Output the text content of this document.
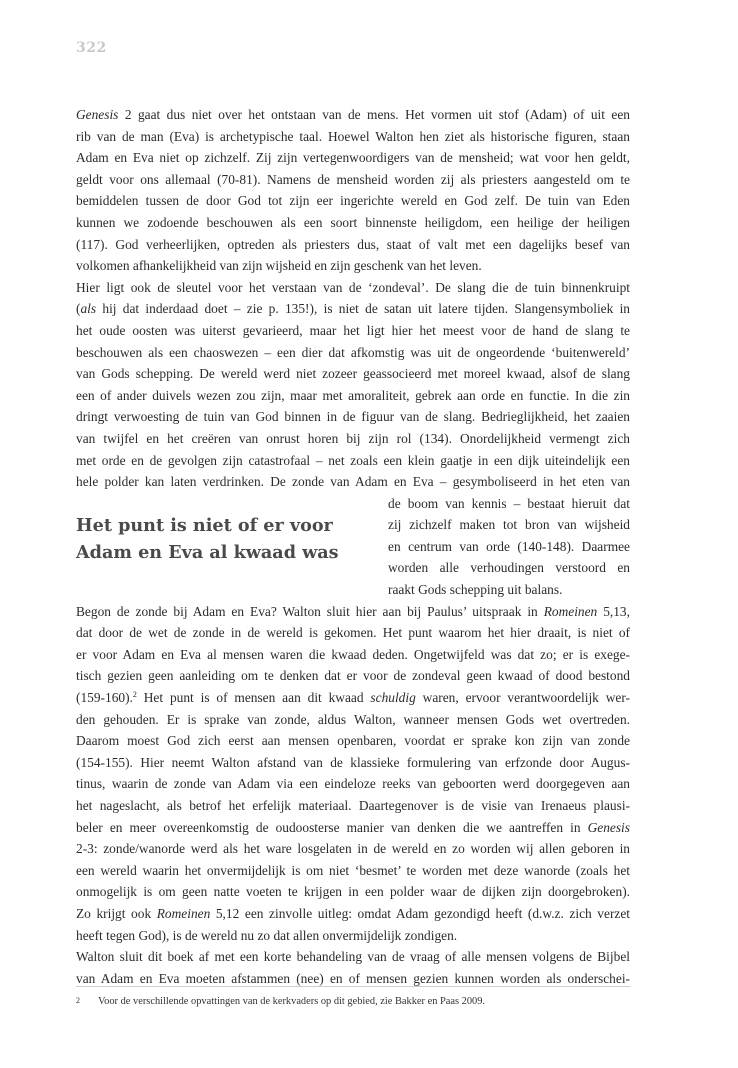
322
Genesis 2 gaat dus niet over het ontstaan van de mens. Het vormen uit stof (Adam) of uit een
rib van de man (Eva) is archetypische taal. Hoewel Walton hen ziet als historische figuren, staan
Adam en Eva niet op zichzelf. Zij zijn vertegenwoordigers van de mensheid; wat voor hen geldt,
geldt voor ons allemaal (70-81). Namens de mensheid worden zij als priesters aangesteld om te
bemiddelen tussen de door God tot zijn eer ingerichte wereld en God zelf. De tuin van Eden
kunnen we zodoende beschouwen als een soort binnenste heiligdom, een heilige der heiligen
(117). God verheerlijken, optreden als priesters dus, staat of valt met een dagelijks besef van
volkomen afhankelijkheid van zijn wijsheid en zijn geschenk van het leven.
Hier ligt ook de sleutel voor het verstaan van de ‘zondeval’. De slang die de tuin binnenkruipt
(als hij dat inderdaad doet – zie p. 135!), is niet de satan uit latere tijden. Slangensymboliek in
het oude oosten was uiterst gevarieerd, maar het ligt hier het meest voor de hand de slang te
beschouwen als een chaoswezen – een dier dat afkomstig was uit de ongeordende ‘buitenwereld’
van Gods schepping. De wereld werd niet zozeer geassocieerd met moreel kwaad, alsof de slang
een of ander duivels wezen zou zijn, maar met amoraliteit, gebrek aan orde en functie. In die zin
dringt verwoesting de tuin van God binnen in de figuur van de slang. Bedrieglijkheid, het zaaien
van twijfel en het creëren van onrust horen bij zijn rol (134). Onordelijkheid vermengt zich
met orde en de gevolgen zijn catastrofaal – net zoals een klein gaatje in een dijk uiteindelijk een
hele polder kan laten verdrinken. De zonde van Adam en Eva – gesymboliseerd in het eten van
Het punt is niet of er voor
Adam en Eva al kwaad was
de boom van kennis – bestaat hieruit dat
zij zichzelf maken tot bron van wijsheid
en centrum van orde (140-148). Daarmee
worden alle verhoudingen verstoord en
raakt Gods schepping uit balans.
Begon de zonde bij Adam en Eva? Walton sluit hier aan bij Paulus’ uitspraak in Romeinen 5,13,
dat door de wet de zonde in de wereld is gekomen. Het punt waarom het hier draait, is niet of
er voor Adam en Eva al mensen waren die kwaad deden. Ongetwijfeld was dat zo; er is exege-
tisch gezien geen aanleiding om te denken dat er voor de zondeval geen kwaad of dood bestond
(159-160).$^2$ Het punt is of mensen aan dit kwaad schuldig waren, ervoor verantwoordelijk wer-
den gehouden. Er is sprake van zonde, aldus Walton, wanneer mensen Gods wet overtreden.
Daarom moest God zich eerst aan mensen openbaren, voordat er sprake kon zijn van zonde
(154-155). Hier neemt Walton afstand van de klassieke formulering van erfzonde door Augus-
tinus, waarin de zonde van Adam via een eindeloze reeks van geboorten werd doorgegeven aan
het nageslacht, als betrof het erfelijk materiaal. Daartegenover is de visie van Irenaeus plausi-
beler en meer overeenkomstig de oudoosterse manier van denken die we aantreffen in Genesis
2-3: zonde/wanorde werd als het ware losgelaten in de wereld en zo worden wij allen geboren in
een wereld waarin het onvermijdelijk is om niet ‘besmet’ te worden met deze wanorde (zoals het
onmogelijk is om geen natte voeten te krijgen in een polder waar de dijken zijn doorgebroken).
Zo krijgt ook Romeinen 5,12 een zinvolle uitleg: omdat Adam gezondigd heeft (d.w.z. zich verzet
heeft tegen God), is de wereld nu zo dat allen onvermijdelijk zondigen.
Walton sluit dit boek af met een korte behandeling van de vraag of alle mensen volgens de Bijbel
van Adam en Eva moeten afstammen (nee) en of mensen gezien kunnen worden als onderschei-
2 Voor de verschillende opvattingen van de kerkvaders op dit gebied, zie Bakker en Paas 2009.
